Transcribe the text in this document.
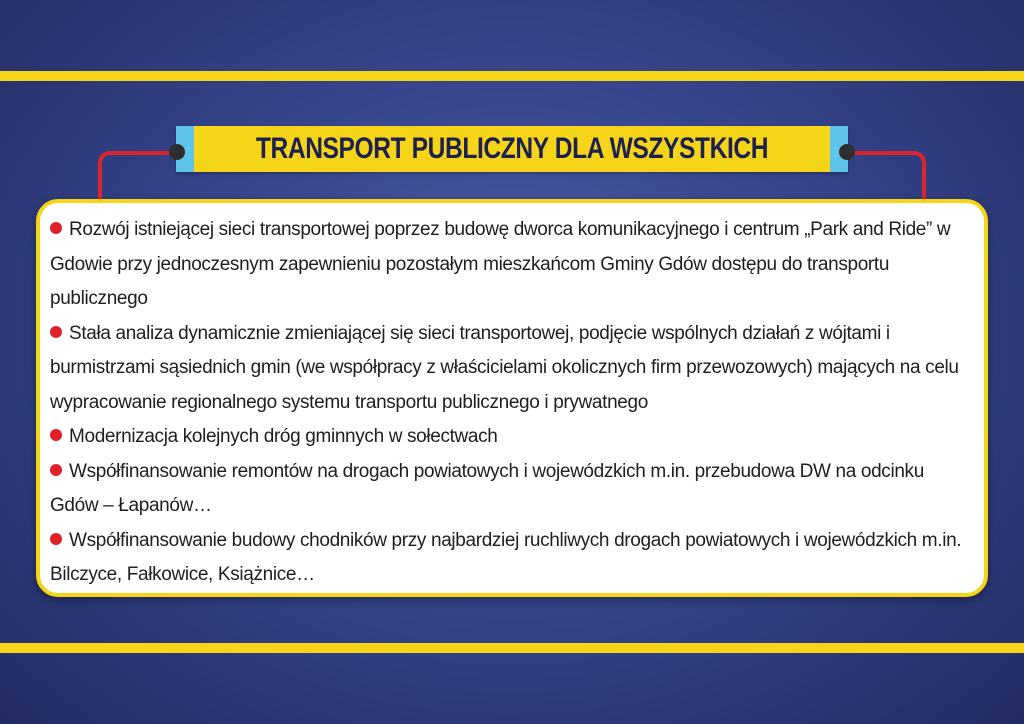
TRANSPORT PUBLICZNY DLA WSZYSTKICH
Rozwój istniejącej sieci transportowej poprzez budowę dworca komunikacyjnego i centrum „Park and Ride” w Gdowie przy jednoczesnym zapewnieniu pozostałym mieszkańcom Gminy Gdów dostępu do transportu publicznego
Stała analiza dynamicznie zmieniającej się sieci transportowej, podjęcie wspólnych działań z wójtami i burmistrzami sąsiednich gmin (we współpracy z właścicielami okolicznych firm przewozowych) mających na celu wypracowanie regionalnego systemu transportu publicznego i prywatnego
Modernizacja kolejnych dróg gminnych w sołectwach
Współfinansowanie remontów na drogach powiatowych i wojewódzkich m.in. przebudowa DW na odcinku Gdów – Łapanów…
Współfinansowanie budowy chodników przy najbardziej ruchliwych drogach powiatowych i wojewódzkich m.in. Bilczyce, Fałkowice, Książnice…
